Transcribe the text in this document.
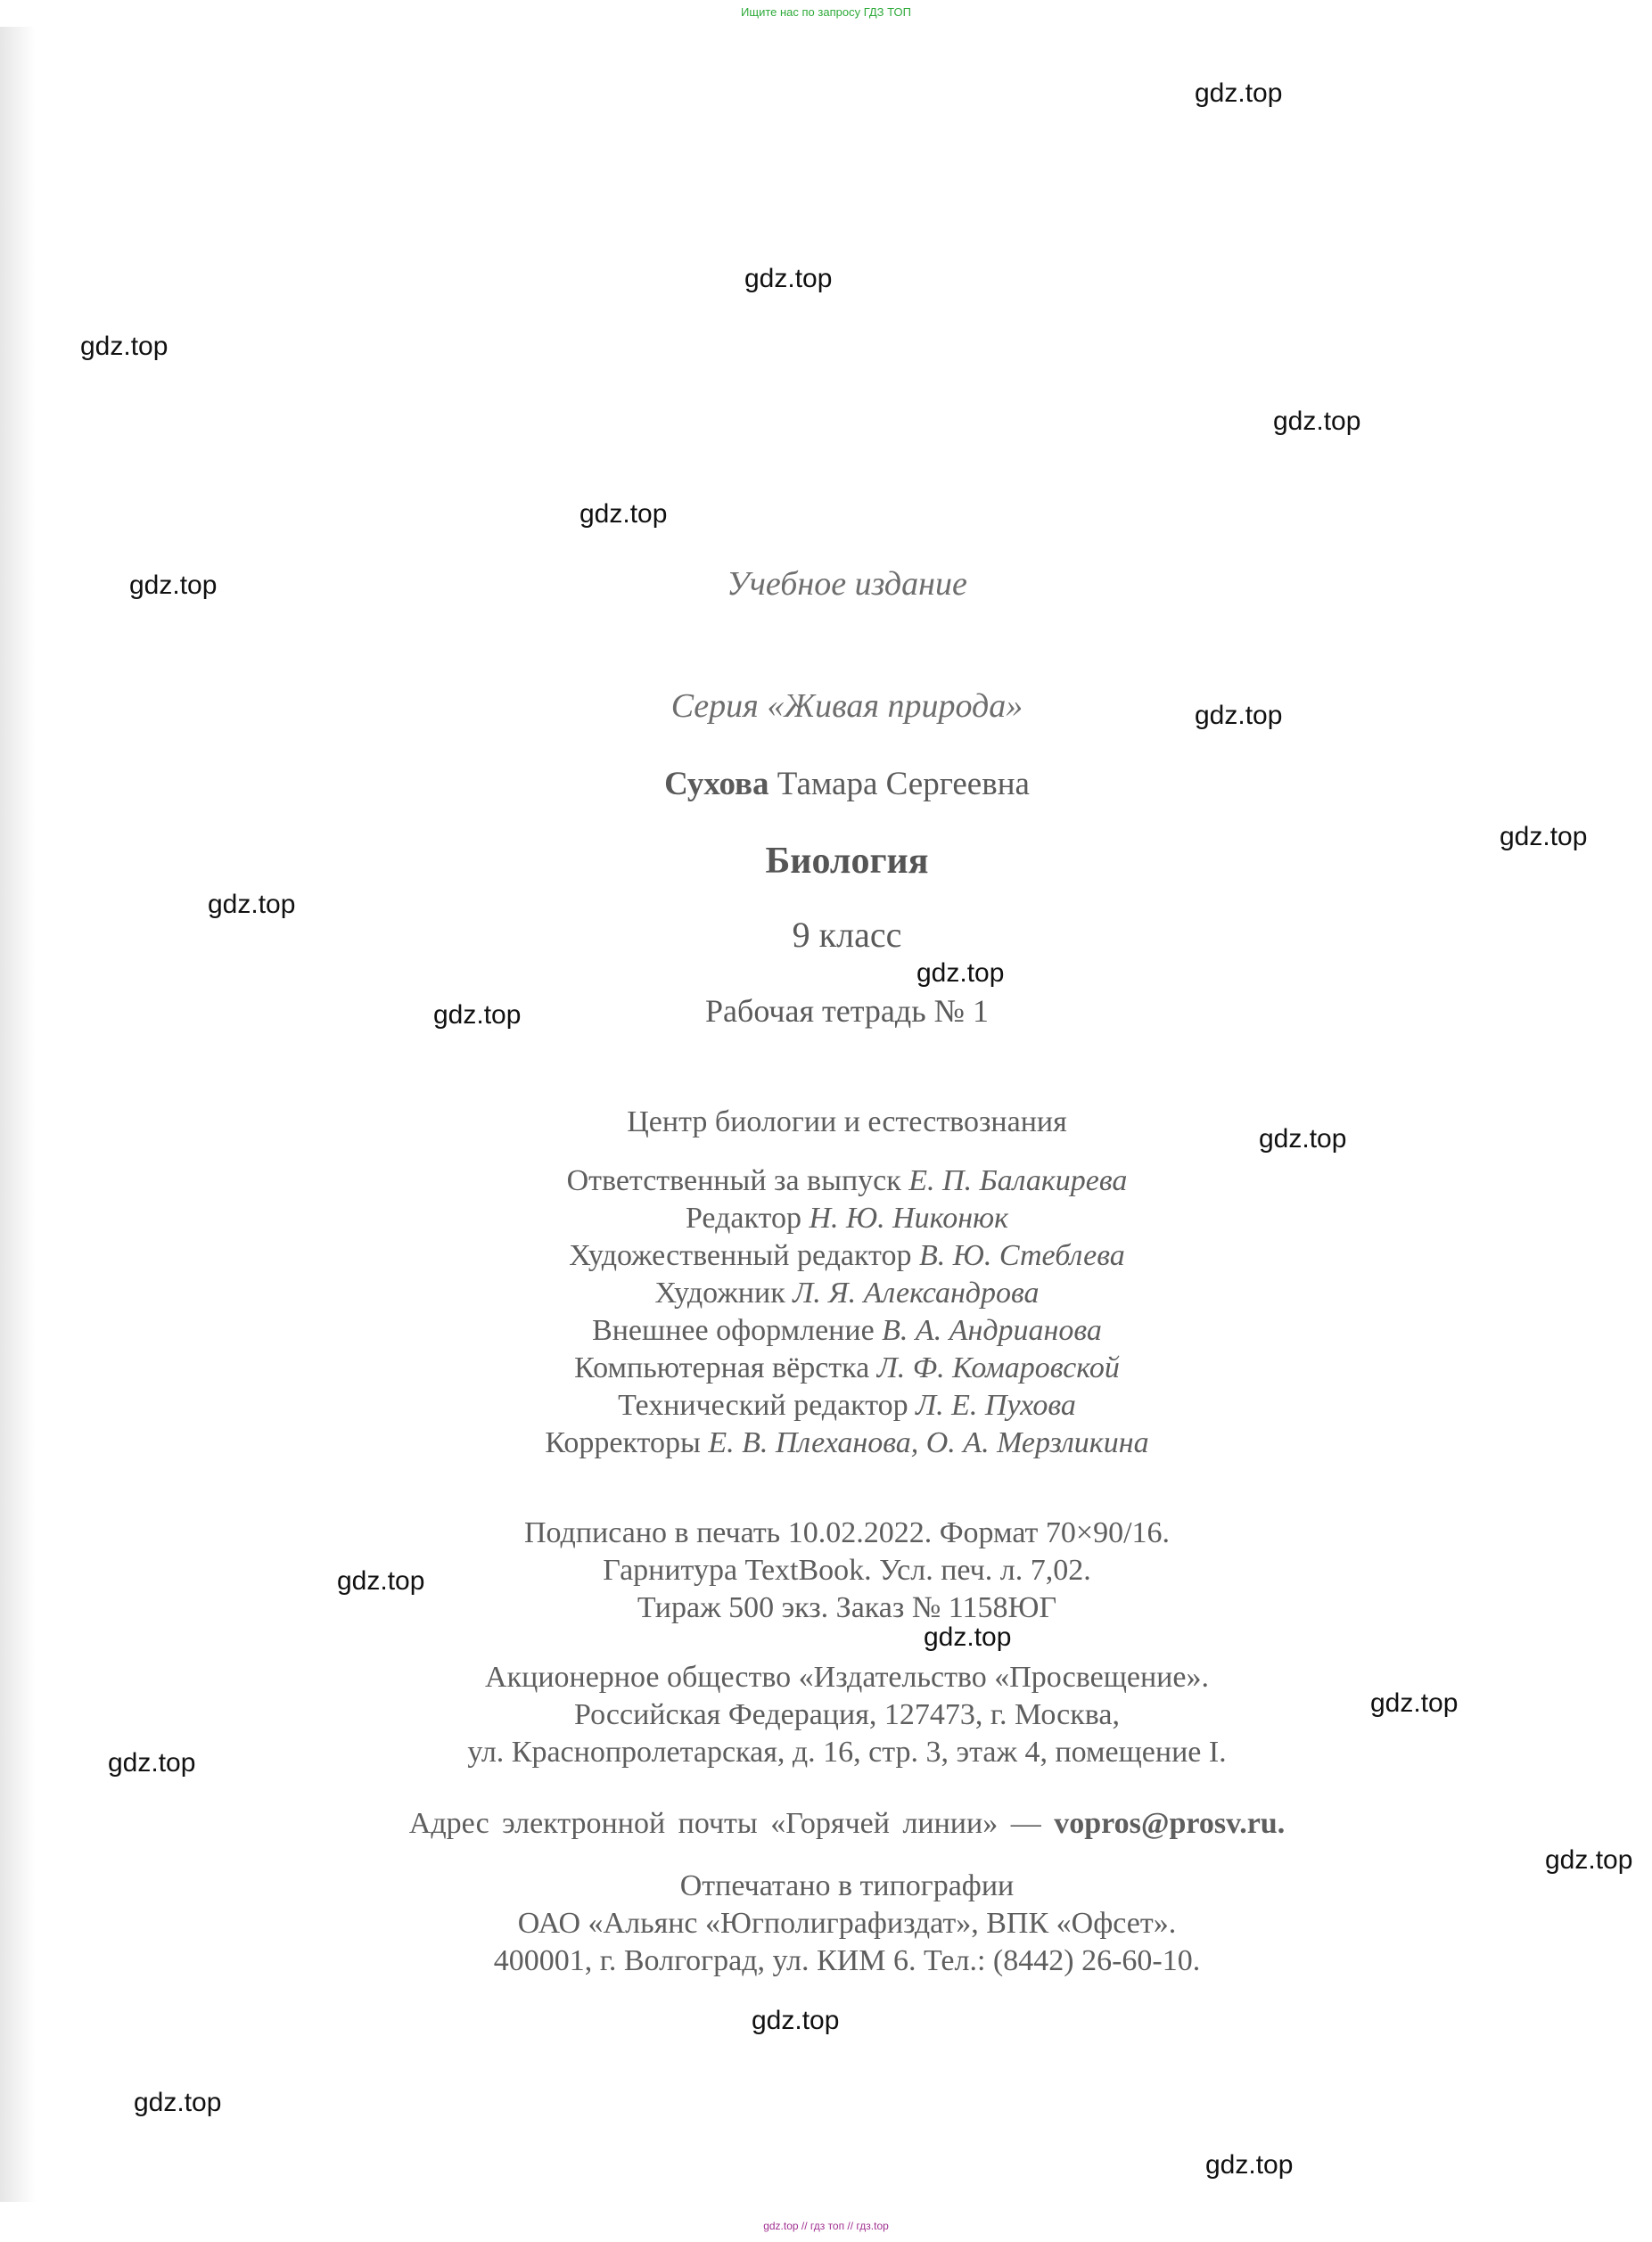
Ищите нас по запросу ГДЗ ТОП
Учебное издание
Серия «Живая природа»
Сухова Тамара Сергеевна
Биология
9 класс
Рабочая тетрадь № 1
Центр биологии и естествознания
Ответственный за выпуск Е. П. Балакирева
Редактор Н. Ю. Никонюк
Художественный редактор В. Ю. Стеблева
Художник Л. Я. Александрова
Внешнее оформление В. А. Андрианова
Компьютерная вёрстка Л. Ф. Комаровской
Технический редактор Л. Е. Пухова
Корректоры Е. В. Плеханова, О. А. Мерзликина
Подписано в печать 10.02.2022. Формат 70×90/16.
Гарнитура TextBook. Усл. печ. л. 7,02.
Тираж 500 экз. Заказ № 1158ЮГ
Акционерное общество «Издательство «Просвещение».
Российская Федерация, 127473, г. Москва,
ул. Краснопролетарская, д. 16, стр. 3, этаж 4, помещение I.
Адрес электронной почты «Горячей линии» — vopros@prosv.ru.
Отпечатано в типографии
ОАО «Альянс «Югполиграфиздат», ВПК «Офсет».
400001, г. Волгоград, ул. КИМ 6. Тел.: (8442) 26-60-10.
gdz.top
gdz.top
gdz.top
gdz.top
gdz.top
gdz.top
gdz.top
gdz.top
gdz.top
gdz.top
gdz.top
gdz.top
gdz.top
gdz.top
gdz.top
gdz.top
gdz.top
gdz.top
gdz.top
gdz.top
gdz.top // гдз топ // гдз.top
